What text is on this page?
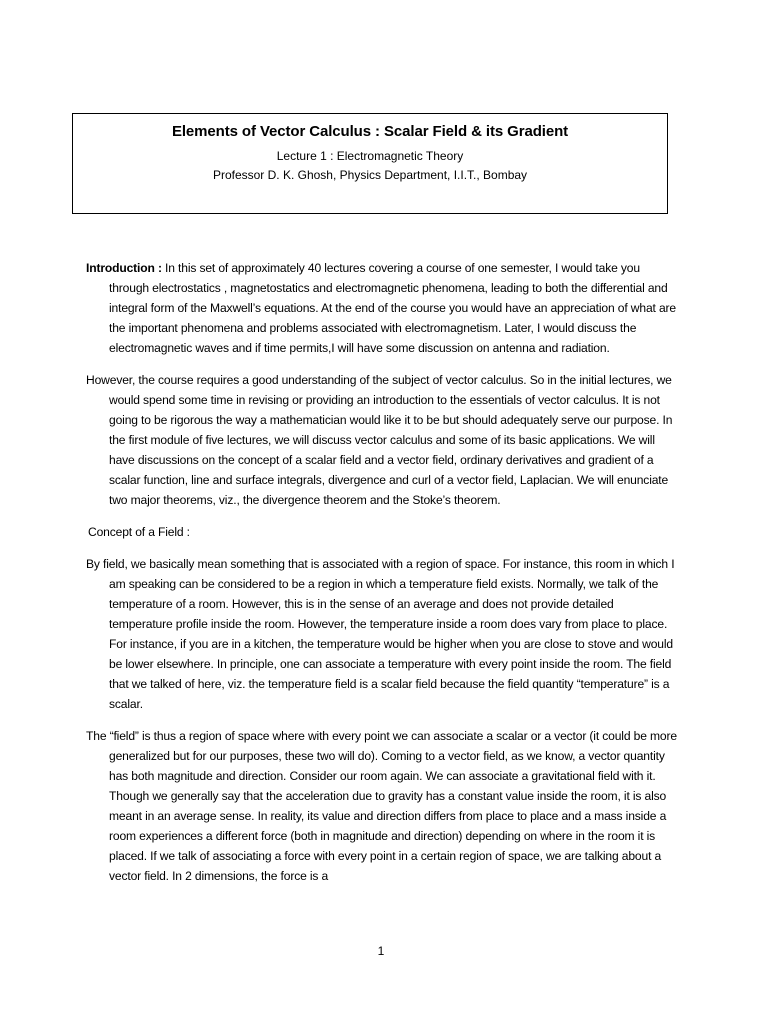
Elements of Vector Calculus : Scalar Field & its Gradient
Lecture 1 : Electromagnetic Theory
Professor D. K. Ghosh, Physics Department, I.I.T., Bombay

Introduction : In this set of approximately 40 lectures covering a course of one semester, I would take you through electrostatics , magnetostatics and electromagnetic phenomena, leading to both the differential and integral form of the Maxwell’s equations. At the end of the course you would have an appreciation of what are the important phenomena and problems associated with electromagnetism. Later, I would discuss the electromagnetic waves and if time permits,I will have some discussion on antenna and radiation.

However, the course requires a good understanding of the subject of vector calculus. So in the initial lectures, we would spend some time in revising or providing an introduction to the essentials of vector calculus. It is not going to be rigorous the way a mathematician would like it to be but should adequately serve our purpose. In the first module of five lectures, we will discuss vector calculus and some of its basic applications. We will have discussions on the concept of a scalar field and a vector field, ordinary derivatives and gradient of a scalar function, line and surface integrals, divergence and curl of a vector field, Laplacian. We will enunciate two major theorems, viz., the divergence theorem and the Stoke’s theorem.

Concept of a Field :

By field, we basically mean something that is associated with a region of space. For instance, this room in which I am speaking can be considered to be a region in which a temperature field exists. Normally, we talk of the temperature of a room. However, this is in the sense of an average and does not provide detailed temperature profile inside the room. However, the temperature inside a room does vary from place to place. For instance, if you are in a kitchen, the temperature would be higher when you are close to stove and would be lower elsewhere. In principle, one can associate a temperature with every point inside the room. The field that we talked of here, viz. the temperature field is a scalar field because the field quantity “temperature” is a scalar.

The “field” is thus a region of space where with every point we can associate a scalar or a vector (it could be more generalized but for our purposes, these two will do). Coming to a vector field, as we know, a vector quantity has both magnitude and direction. Consider our room again. We can associate a gravitational field with it. Though we generally say that the acceleration due to gravity has a constant value inside the room, it is also meant in an average sense. In reality, its value and direction differs from place to place and a mass inside a room experiences a different force (both in magnitude and direction) depending on where in the room it is placed. If we talk of associating a force with every point in a certain region of space, we are talking about a vector field. In 2 dimensions, the force is a

1
